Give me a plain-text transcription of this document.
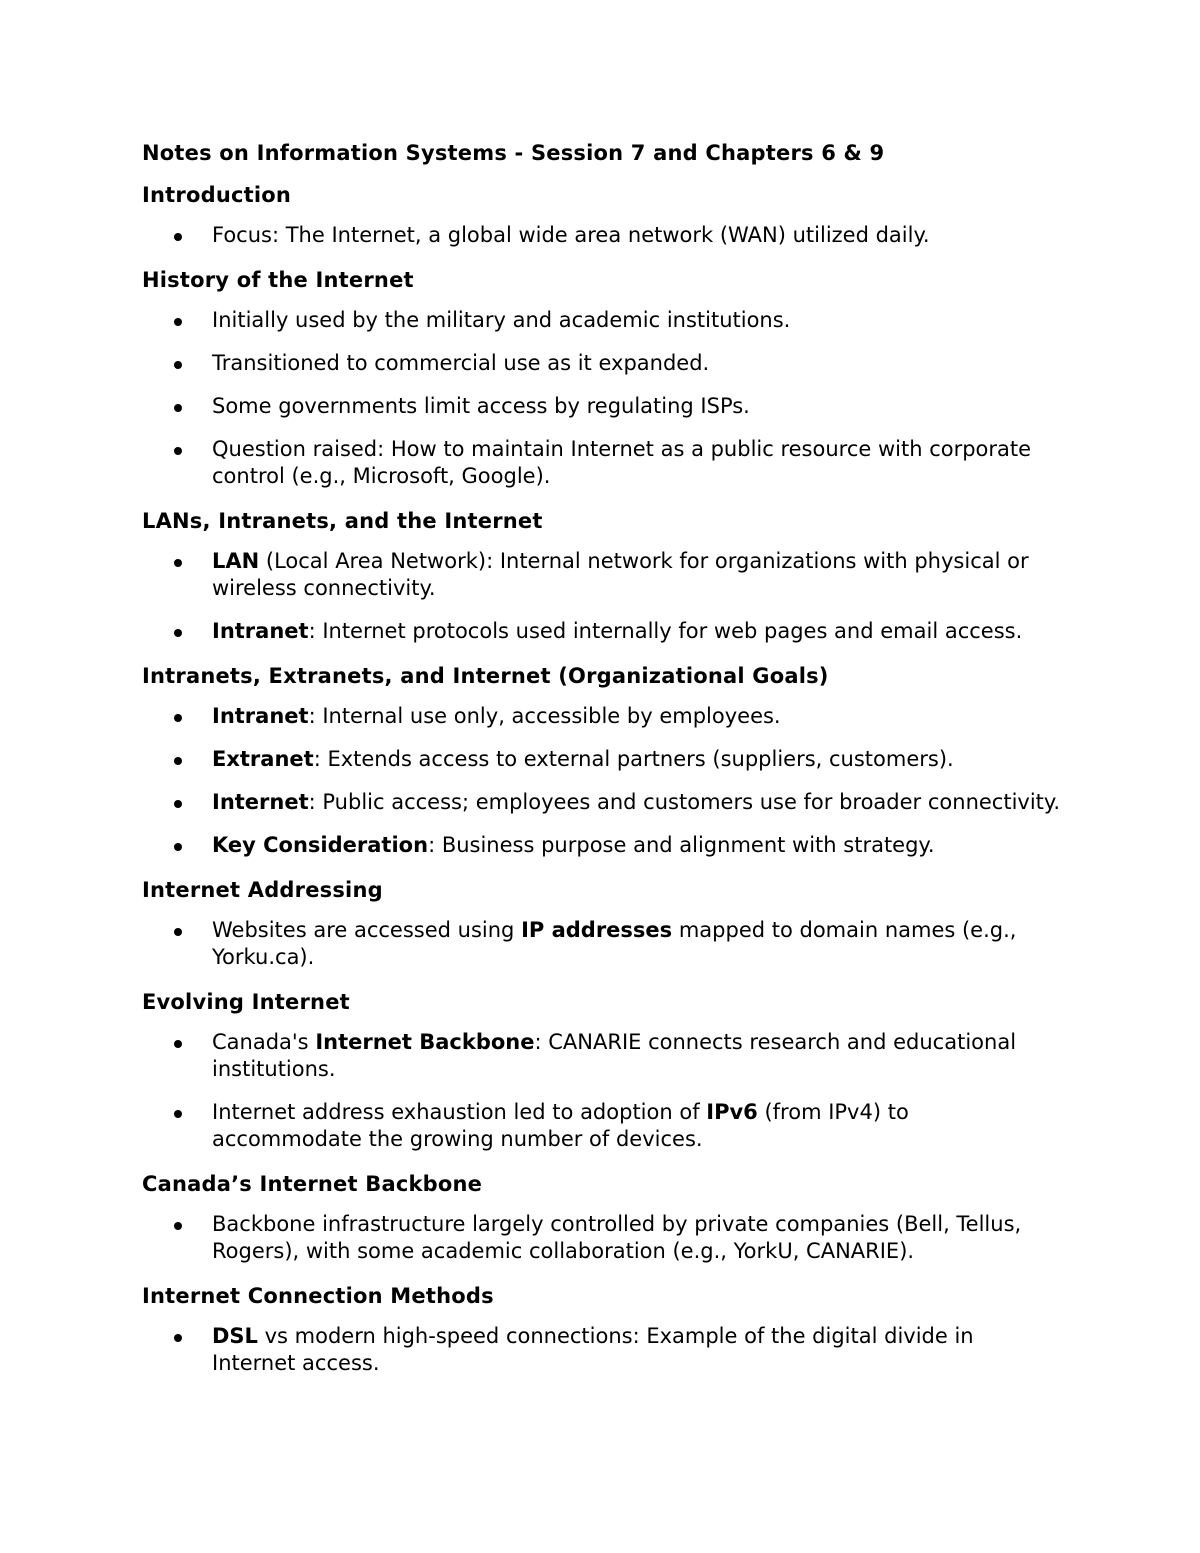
Notes on Information Systems - Session 7 and Chapters 6 & 9
Introduction
Focus: The Internet, a global wide area network (WAN) utilized daily.
History of the Internet
Initially used by the military and academic institutions.
Transitioned to commercial use as it expanded.
Some governments limit access by regulating ISPs.
Question raised: How to maintain Internet as a public resource with corporate control (e.g., Microsoft, Google).
LANs, Intranets, and the Internet
LAN (Local Area Network): Internal network for organizations with physical or wireless connectivity.
Intranet: Internet protocols used internally for web pages and email access.
Intranets, Extranets, and Internet (Organizational Goals)
Intranet: Internal use only, accessible by employees.
Extranet: Extends access to external partners (suppliers, customers).
Internet: Public access; employees and customers use for broader connectivity.
Key Consideration: Business purpose and alignment with strategy.
Internet Addressing
Websites are accessed using IP addresses mapped to domain names (e.g., Yorku.ca).
Evolving Internet
Canada's Internet Backbone: CANARIE connects research and educational institutions.
Internet address exhaustion led to adoption of IPv6 (from IPv4) to accommodate the growing number of devices.
Canada’s Internet Backbone
Backbone infrastructure largely controlled by private companies (Bell, Tellus, Rogers), with some academic collaboration (e.g., YorkU, CANARIE).
Internet Connection Methods
DSL vs modern high-speed connections: Example of the digital divide in Internet access.
